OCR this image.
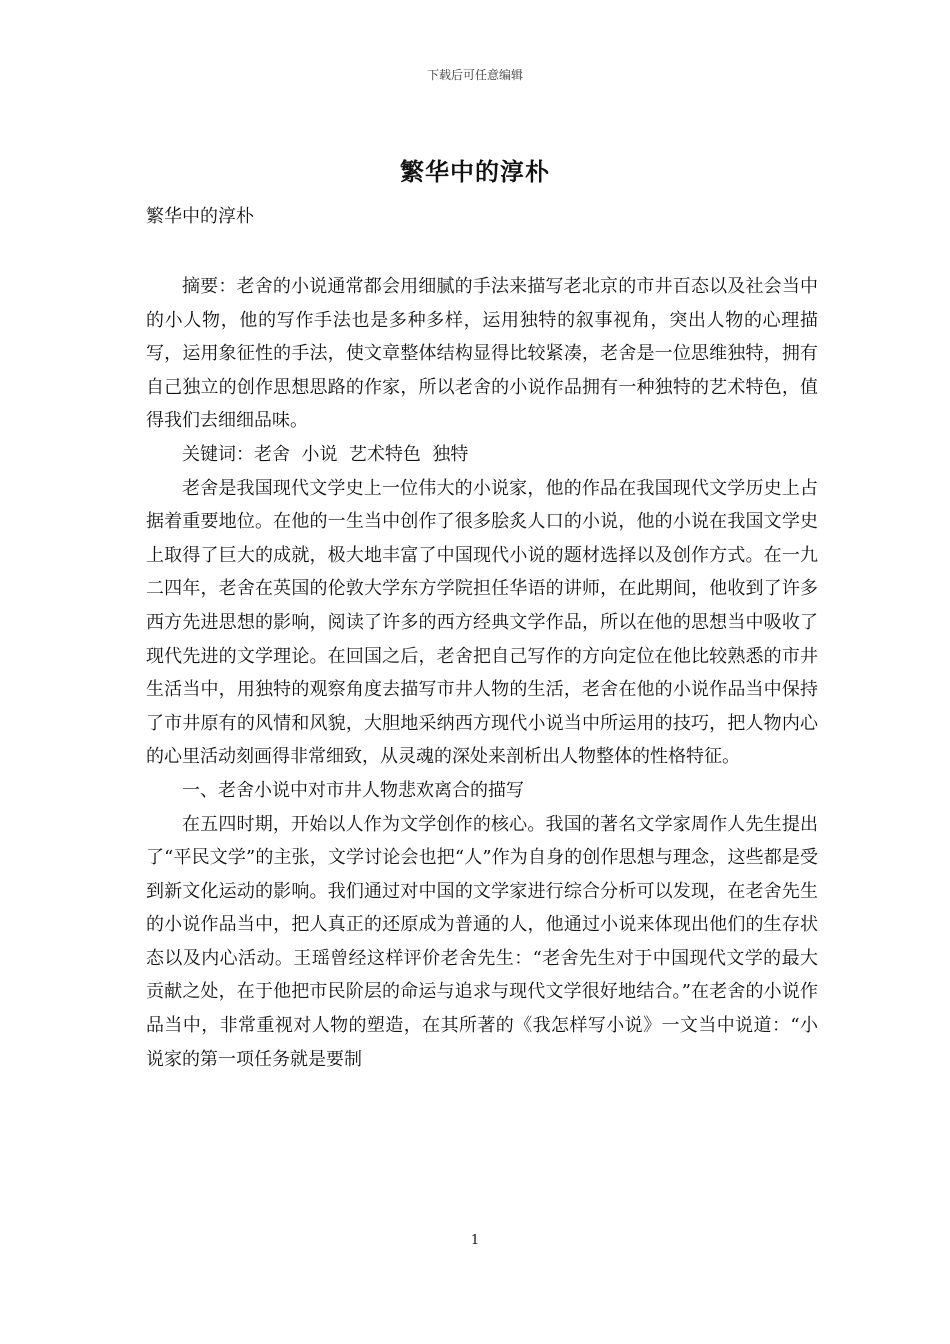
下载后可任意编辑
繁华中的淳朴
繁华中的淳朴

摘要：老舍的小说通常都会用细腻的手法来描写老北京的市井百态以及社会当中的小人物，他的写作手法也是多种多样，运用独特的叙事视角，突出人物的心理描写，运用象征性的手法，使文章整体结构显得比较紧凑，老舍是一位思维独特，拥有自己独立的创作思想思路的作家，所以老舍的小说作品拥有一种独特的艺术特色，值得我们去细细品味。

关键词：老舍  小说  艺术特色  独特

老舍是我国现代文学史上一位伟大的小说家，他的作品在我国现代文学历史上占据着重要地位。在他的一生当中创作了很多脍炙人口的小说，他的小说在我国文学史上取得了巨大的成就，极大地丰富了中国现代小说的题材选择以及创作方式。在一九二四年，老舍在英国的伦敦大学东方学院担任华语的讲师，在此期间，他收到了许多西方先进思想的影响，阅读了许多的西方经典文学作品，所以在他的思想当中吸收了现代先进的文学理论。在回国之后，老舍把自己写作的方向定位在他比较熟悉的市井生活当中，用独特的观察角度去描写市井人物的生活，老舍在他的小说作品当中保持了市井原有的风情和风貌，大胆地采纳西方现代小说当中所运用的技巧，把人物内心的心里活动刻画得非常细致，从灵魂的深处来剖析出人物整体的性格特征。

一、老舍小说中对市井人物悲欢离合的描写

在五四时期，开始以人作为文学创作的核心。我国的著名文学家周作人先生提出了“平民文学”的主张，文学讨论会也把“人”作为自身的创作思想与理念，这些都是受到新文化运动的影响。我们通过对中国的文学家进行综合分析可以发现，在老舍先生的小说作品当中，把人真正的还原成为普通的人，他通过小说来体现出他们的生存状态以及内心活动。王瑶曾经这样评价老舍先生：“老舍先生对于中国现代文学的最大贡献之处，在于他把市民阶层的命运与追求与现代文学很好地结合。”在老舍的小说作品当中，非常重视对人物的塑造，在其所著的《我怎样写小说》一文当中说道：“小说家的第一项任务就是要制

1
